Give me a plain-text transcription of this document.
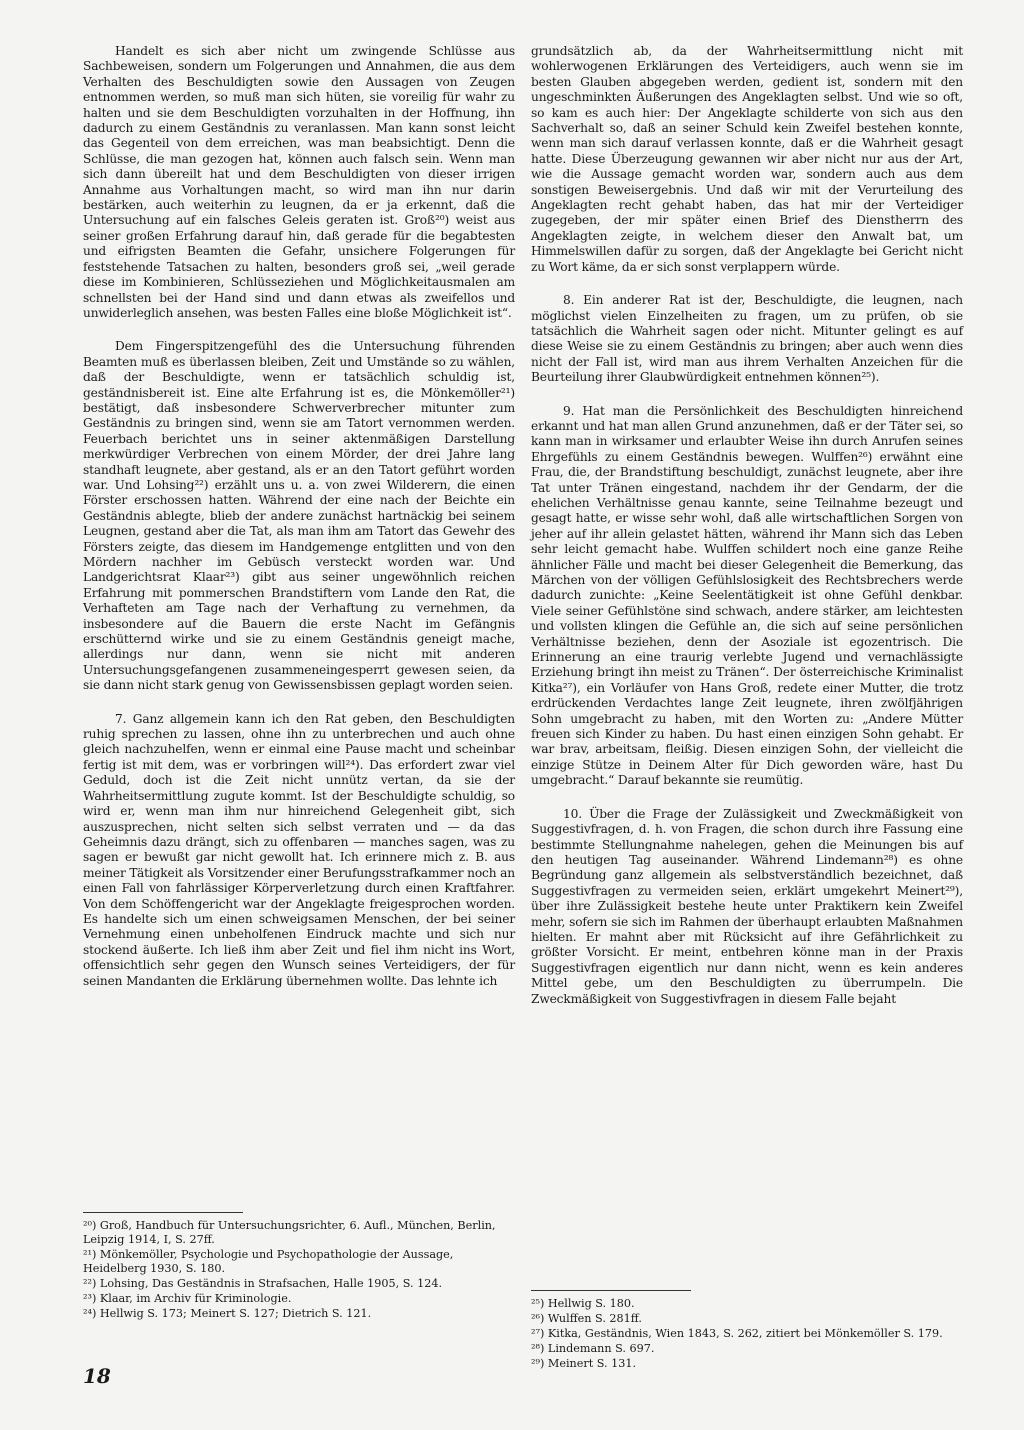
Handelt es sich aber nicht um zwingende Schlüsse aus Sachbeweisen, sondern um Folgerungen und Annahmen, die aus dem Verhalten des Beschuldigten sowie den Aussagen von Zeugen entnommen werden, so muß man sich hüten, sie voreilig für wahr zu halten und sie dem Beschuldigten vorzuhalten in der Hoffnung, ihn dadurch zu einem Geständnis zu veranlassen. Man kann sonst leicht das Gegenteil von dem erreichen, was man beabsichtigt. Denn die Schlüsse, die man gezogen hat, können auch falsch sein. Wenn man sich dann übereilt hat und dem Beschuldigten von dieser irrigen Annahme aus Vorhaltungen macht, so wird man ihn nur darin bestärken, auch weiterhin zu leugnen, da er ja erkennt, daß die Untersuchung auf ein falsches Geleis geraten ist. Groß²⁰) weist aus seiner großen Erfahrung darauf hin, daß gerade für die begabtesten und eifrigsten Beamten die Gefahr, unsichere Folgerungen für feststehende Tatsachen zu halten, besonders groß sei, „weil gerade diese im Kombinieren, Schlüsseziehen und Möglichkeitausmalen am schnellsten bei der Hand sind und dann etwas als zweifellos und unwiderleglich ansehen, was besten Falles eine bloße Möglichkeit ist“.

Dem Fingerspitzengefühl des die Untersuchung führenden Beamten muß es überlassen bleiben, Zeit und Umstände so zu wählen, daß der Beschuldigte, wenn er tatsächlich schuldig ist, geständnisbereit ist. Eine alte Erfahrung ist es, die Mönkemöller²¹) bestätigt, daß insbesondere Schwerverbrecher mitunter zum Geständnis zu bringen sind, wenn sie am Tatort vernommen werden. Feuerbach berichtet uns in seiner aktenmäßigen Darstellung merkwürdiger Verbrechen von einem Mörder, der drei Jahre lang standhaft leugnete, aber gestand, als er an den Tatort geführt worden war. Und Lohsing²²) erzählt uns u. a. von zwei Wilderern, die einen Förster erschossen hatten. Während der eine nach der Beichte ein Geständnis ablegte, blieb der andere zunächst hartnäckig bei seinem Leugnen, gestand aber die Tat, als man ihm am Tatort das Gewehr des Försters zeigte, das diesem im Handgemenge entglitten und von den Mördern nachher im Gebüsch versteckt worden war. Und Landgerichtsrat Klaar²³) gibt aus seiner ungewöhnlich reichen Erfahrung mit pommerschen Brandstiftern vom Lande den Rat, die Verhafteten am Tage nach der Verhaftung zu vernehmen, da insbesondere auf die Bauern die erste Nacht im Gefängnis erschütternd wirke und sie zu einem Geständnis geneigt mache, allerdings nur dann, wenn sie nicht mit anderen Untersuchungsgefangenen zusammeneingesperrt gewesen seien, da sie dann nicht stark genug von Gewissensbissen geplagt worden seien.

7. Ganz allgemein kann ich den Rat geben, den Beschuldigten ruhig sprechen zu lassen, ohne ihn zu unterbrechen und auch ohne gleich nachzuhelfen, wenn er einmal eine Pause macht und scheinbar fertig ist mit dem, was er vorbringen will²⁴). Das erfordert zwar viel Geduld, doch ist die Zeit nicht unnütz vertan, da sie der Wahrheitsermittlung zugute kommt. Ist der Beschuldigte schuldig, so wird er, wenn man ihm nur hinreichend Gelegenheit gibt, sich auszusprechen, nicht selten sich selbst verraten und — da das Geheimnis dazu drängt, sich zu offenbaren — manches sagen, was zu sagen er bewußt gar nicht gewollt hat. Ich erinnere mich z. B. aus meiner Tätigkeit als Vorsitzender einer Berufungsstrafkammer noch an einen Fall von fahrlässiger Körperverletzung durch einen Kraftfahrer. Von dem Schöffengericht war der Angeklagte freigesprochen worden. Es handelte sich um einen schweigsamen Menschen, der bei seiner Vernehmung einen unbeholfenen Eindruck machte und sich nur stockend äußerte. Ich ließ ihm aber Zeit und fiel ihm nicht ins Wort, offensichtlich sehr gegen den Wunsch seines Verteidigers, der für seinen Mandanten die Erklärung übernehmen wollte. Das lehnte ich

²⁰) Groß, Handbuch für Untersuchungsrichter, 6. Aufl., München, Berlin, Leipzig 1914, I, S. 27ff.

²¹) Mönkemöller, Psychologie und Psychopathologie der Aussage, Heidelberg 1930, S. 180.

²²) Lohsing, Das Geständnis in Strafsachen, Halle 1905, S. 124.

²³) Klaar, im Archiv für Kriminologie.

²⁴) Hellwig S. 173; Meinert S. 127; Dietrich S. 121.

grundsätzlich ab, da der Wahrheitsermittlung nicht mit wohlerwogenen Erklärungen des Verteidigers, auch wenn sie im besten Glauben abgegeben werden, gedient ist, sondern mit den ungeschminkten Äußerungen des Angeklagten selbst. Und wie so oft, so kam es auch hier: Der Angeklagte schilderte von sich aus den Sachverhalt so, daß an seiner Schuld kein Zweifel bestehen konnte, wenn man sich darauf verlassen konnte, daß er die Wahrheit gesagt hatte. Diese Überzeugung gewannen wir aber nicht nur aus der Art, wie die Aussage gemacht worden war, sondern auch aus dem sonstigen Beweisergebnis. Und daß wir mit der Verurteilung des Angeklagten recht gehabt haben, das hat mir der Verteidiger zugegeben, der mir später einen Brief des Dienstherrn des Angeklagten zeigte, in welchem dieser den Anwalt bat, um Himmelswillen dafür zu sorgen, daß der Angeklagte bei Gericht nicht zu Wort käme, da er sich sonst verplappern würde.

8. Ein anderer Rat ist der, Beschuldigte, die leugnen, nach möglichst vielen Einzelheiten zu fragen, um zu prüfen, ob sie tatsächlich die Wahrheit sagen oder nicht. Mitunter gelingt es auf diese Weise sie zu einem Geständnis zu bringen; aber auch wenn dies nicht der Fall ist, wird man aus ihrem Verhalten Anzeichen für die Beurteilung ihrer Glaubwürdigkeit entnehmen können²⁵).

9. Hat man die Persönlichkeit des Beschuldigten hinreichend erkannt und hat man allen Grund anzunehmen, daß er der Täter sei, so kann man in wirksamer und erlaubter Weise ihn durch Anrufen seines Ehrgefühls zu einem Geständnis bewegen. Wulffen²⁶) erwähnt eine Frau, die, der Brandstiftung beschuldigt, zunächst leugnete, aber ihre Tat unter Tränen eingestand, nachdem ihr der Gendarm, der die ehelichen Verhältnisse genau kannte, seine Teilnahme bezeugt und gesagt hatte, er wisse sehr wohl, daß alle wirtschaftlichen Sorgen von jeher auf ihr allein gelastet hätten, während ihr Mann sich das Leben sehr leicht gemacht habe. Wulffen schildert noch eine ganze Reihe ähnlicher Fälle und macht bei dieser Gelegenheit die Bemerkung, das Märchen von der völligen Gefühlslosigkeit des Rechtsbrechers werde dadurch zunichte: „Keine Seelentätigkeit ist ohne Gefühl denkbar. Viele seiner Gefühlstöne sind schwach, andere stärker, am leichtesten und vollsten klingen die Gefühle an, die sich auf seine persönlichen Verhältnisse beziehen, denn der Asoziale ist egozentrisch. Die Erinnerung an eine traurig verlebte Jugend und vernachlässigte Erziehung bringt ihn meist zu Tränen“. Der österreichische Kriminalist Kitka²⁷), ein Vorläufer von Hans Groß, redete einer Mutter, die trotz erdrückenden Verdachtes lange Zeit leugnete, ihren zwölfjährigen Sohn umgebracht zu haben, mit den Worten zu: „Andere Mütter freuen sich Kinder zu haben. Du hast einen einzigen Sohn gehabt. Er war brav, arbeitsam, fleißig. Diesen einzigen Sohn, der vielleicht die einzige Stütze in Deinem Alter für Dich geworden wäre, hast Du umgebracht.“ Darauf bekannte sie reumütig.

10. Über die Frage der Zulässigkeit und Zweckmäßigkeit von Suggestivfragen, d. h. von Fragen, die schon durch ihre Fassung eine bestimmte Stellungnahme nahelegen, gehen die Meinungen bis auf den heutigen Tag auseinander. Während Lindemann²⁸) es ohne Begründung ganz allgemein als selbstverständlich bezeichnet, daß Suggestivfragen zu vermeiden seien, erklärt umgekehrt Meinert²⁹), über ihre Zulässigkeit bestehe heute unter Praktikern kein Zweifel mehr, sofern sie sich im Rahmen der überhaupt erlaubten Maßnahmen hielten. Er mahnt aber mit Rücksicht auf ihre Gefährlichkeit zu größter Vorsicht. Er meint, entbehren könne man in der Praxis Suggestivfragen eigentlich nur dann nicht, wenn es kein anderes Mittel gebe, um den Beschuldigten zu überrumpeln. Die Zweckmäßigkeit von Suggestivfragen in diesem Falle bejaht

²⁵) Hellwig S. 180.

²⁶) Wulffen S. 281ff.

²⁷) Kitka, Geständnis, Wien 1843, S. 262, zitiert bei Mönkemöller S. 179.

²⁸) Lindemann S. 697.

²⁹) Meinert S. 131.

18
